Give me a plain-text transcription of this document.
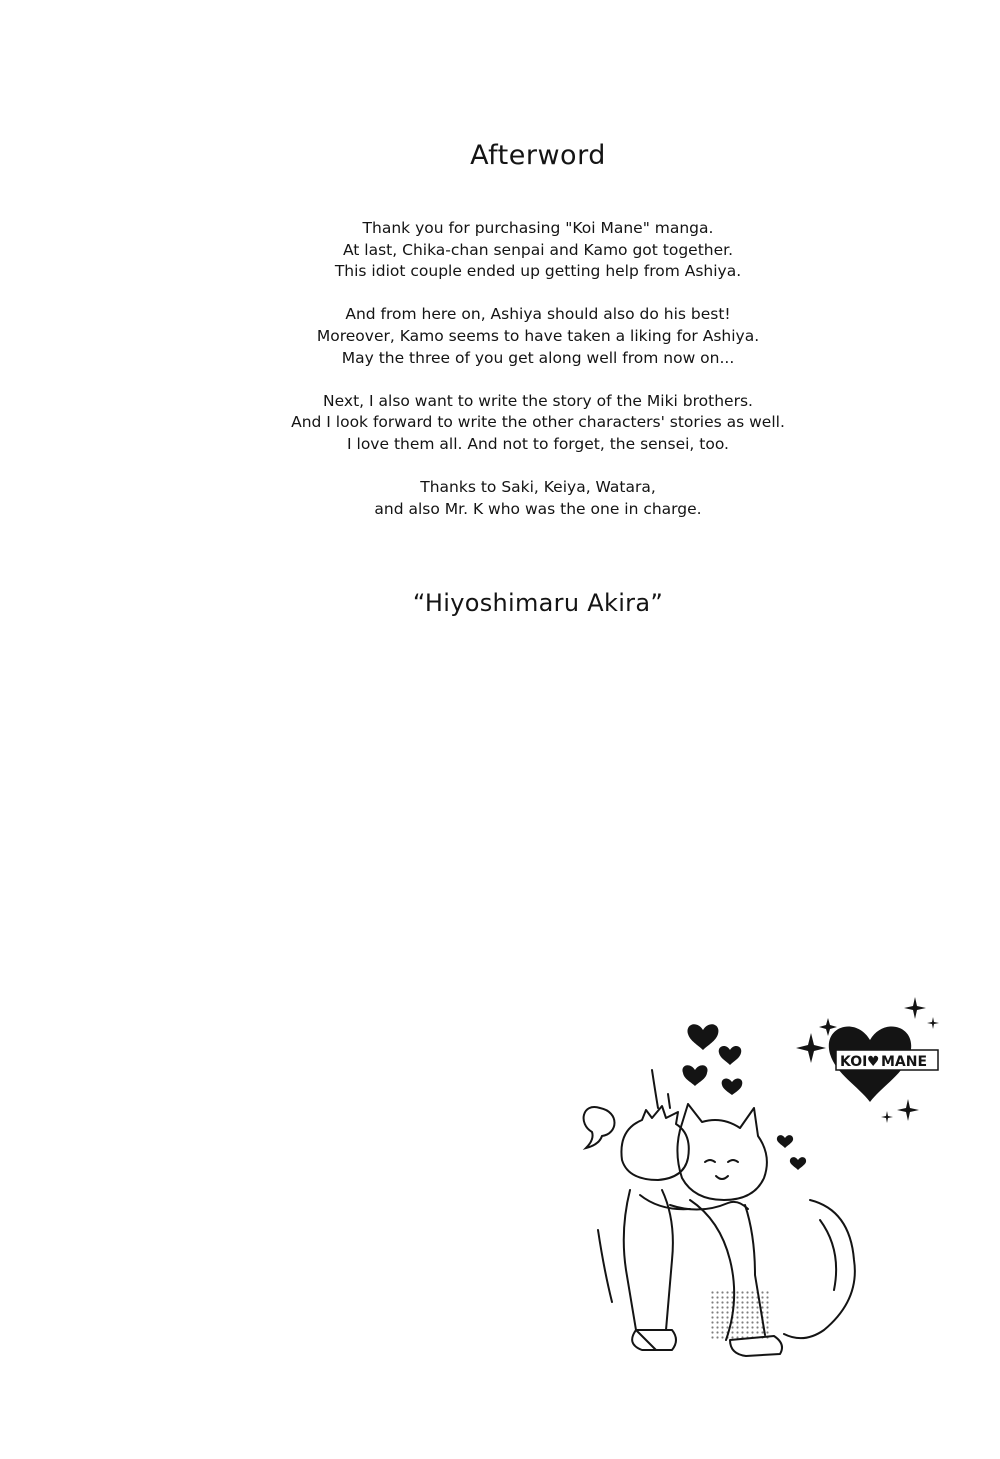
Afterword
Thank you for purchasing "Koi Mane" manga.
At last, Chika-chan senpai and Kamo got together.
This idiot couple ended up getting help from Ashiya.
And from here on, Ashiya should also do his best!
Moreover, Kamo seems to have taken a liking for Ashiya.
May the three of you get along well from now on...
Next, I also want to write the story of the Miki brothers.
And I look forward to write the other characters' stories as well.
I love them all. And not to forget, the sensei, too.
Thanks to Saki, Keiya, Watara,
and also Mr. K who was the one in charge.
“Hiyoshimaru Akira”
KOI ♥ MANE
